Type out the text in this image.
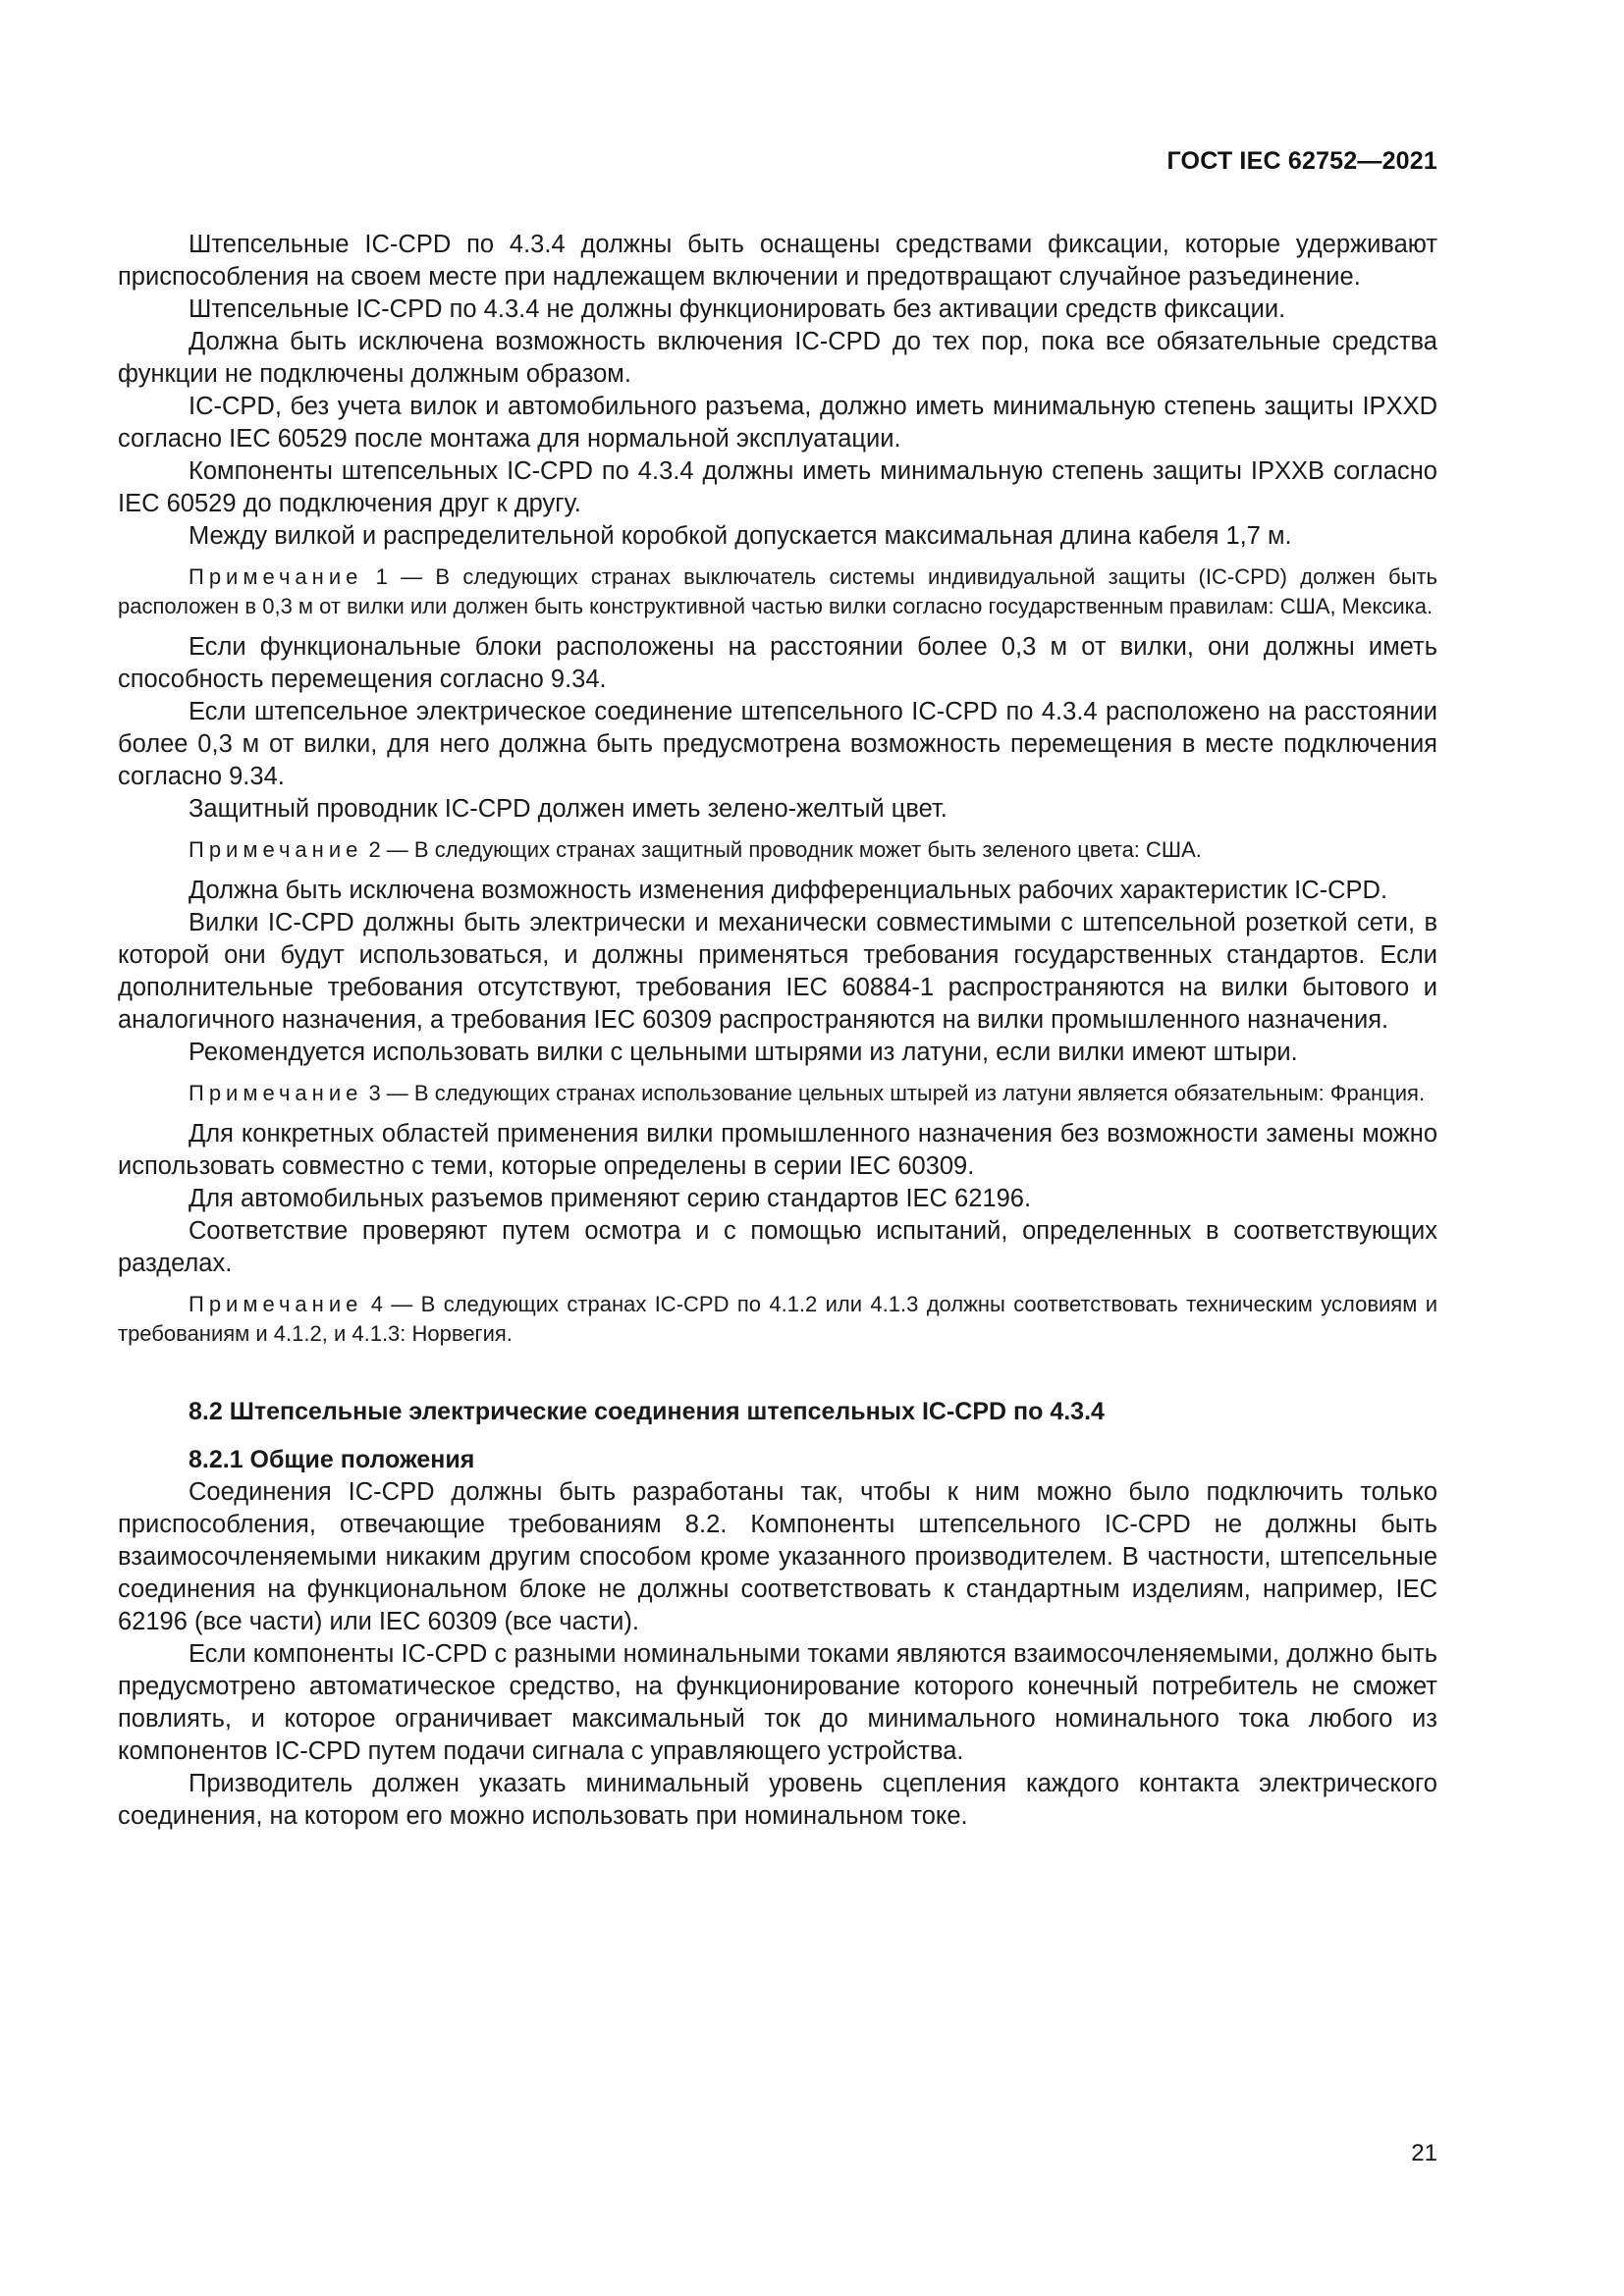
ГОСТ IEC 62752—2021

Штепсельные IC-CPD по 4.3.4 должны быть оснащены средствами фиксации, которые удерживают приспособления на своем месте при надлежащем включении и предотвращают случайное разъединение.

Штепсельные IC-CPD по 4.3.4 не должны функционировать без активации средств фиксации.

Должна быть исключена возможность включения IC-CPD до тех пор, пока все обязательные средства функции не подключены должным образом.

IC-CPD, без учета вилок и автомобильного разъема, должно иметь минимальную степень защиты IPXXD согласно IEC 60529 после монтажа для нормальной эксплуатации.

Компоненты штепсельных IC-CPD по 4.3.4 должны иметь минимальную степень защиты IPXXB согласно IEC 60529 до подключения друг к другу.

Между вилкой и распределительной коробкой допускается максимальная длина кабеля 1,7 м.

Примечание 1 — В следующих странах выключатель системы индивидуальной защиты (IC-CPD) должен быть расположен в 0,3 м от вилки или должен быть конструктивной частью вилки согласно государственным правилам: США, Мексика.

Если функциональные блоки расположены на расстоянии более 0,3 м от вилки, они должны иметь способность перемещения согласно 9.34.

Если штепсельное электрическое соединение штепсельного IC-CPD по 4.3.4 расположено на расстоянии более 0,3 м от вилки, для него должна быть предусмотрена возможность перемещения в месте подключения согласно 9.34.

Защитный проводник IC-CPD должен иметь зелено-желтый цвет.

Примечание 2 — В следующих странах защитный проводник может быть зеленого цвета: США.

Должна быть исключена возможность изменения дифференциальных рабочих характеристик IC-CPD.

Вилки IC-CPD должны быть электрически и механически совместимыми с штепсельной розеткой сети, в которой они будут использоваться, и должны применяться требования государственных стандартов. Если дополнительные требования отсутствуют, требования IEC 60884-1 распространяются на вилки бытового и аналогичного назначения, а требования IEC 60309 распространяются на вилки промышленного назначения.

Рекомендуется использовать вилки с цельными штырями из латуни, если вилки имеют штыри.

Примечание 3 — В следующих странах использование цельных штырей из латуни является обязательным: Франция.

Для конкретных областей применения вилки промышленного назначения без возможности замены можно использовать совместно с теми, которые определены в серии IEC 60309.

Для автомобильных разъемов применяют серию стандартов IEC 62196.

Соответствие проверяют путем осмотра и с помощью испытаний, определенных в соответствующих разделах.

Примечание 4 — В следующих странах IC-CPD по 4.1.2 или 4.1.3 должны соответствовать техническим условиям и требованиям и 4.1.2, и 4.1.3: Норвегия.

8.2 Штепсельные электрические соединения штепсельных IC-CPD по 4.3.4

8.2.1 Общие положения

Соединения IC-CPD должны быть разработаны так, чтобы к ним можно было подключить только приспособления, отвечающие требованиям 8.2. Компоненты штепсельного IC-CPD не должны быть взаимосочленяемыми никаким другим способом кроме указанного производителем. В частности, штепсельные соединения на функциональном блоке не должны соответствовать к стандартным изделиям, например, IEC 62196 (все части) или IEC 60309 (все части).

Если компоненты IC-CPD с разными номинальными токами являются взаимосочленяемыми, должно быть предусмотрено автоматическое средство, на функционирование которого конечный потребитель не сможет повлиять, и которое ограничивает максимальный ток до минимального номинального тока любого из компонентов IC-CPD путем подачи сигнала с управляющего устройства.

Призводитель должен указать минимальный уровень сцепления каждого контакта электрического соединения, на котором его можно использовать при номинальном токе.

21
